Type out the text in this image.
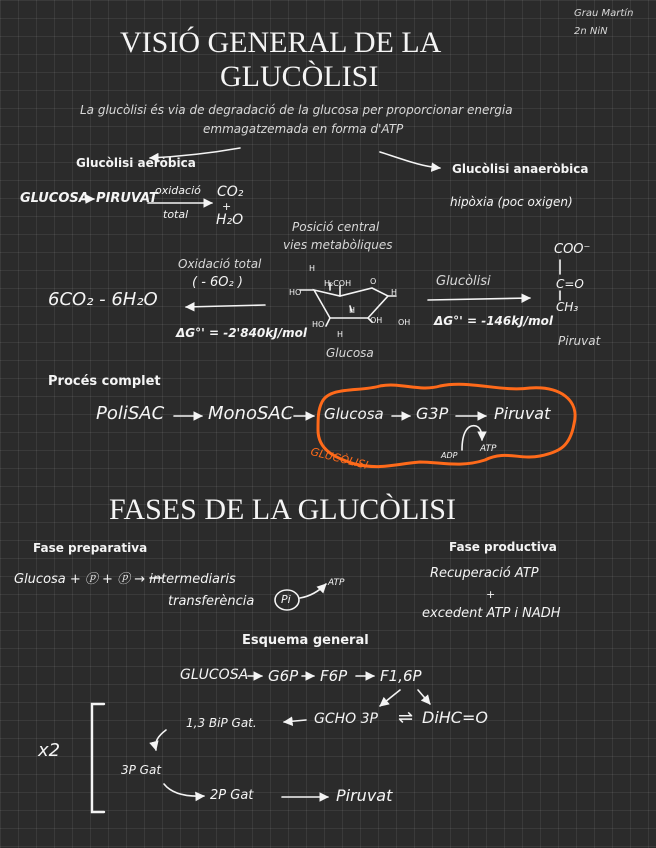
Grau Martín
2n NiN
VISIÓ GENERAL DE LA
GLUCÒLISI
La glucòlisi és via de degradació de la glucosa per proporcionar energia
emmagatzemada en forma d'ATP
Glucòlisi aeròbica	Glucòlisi anaeròbica
GLUCOSA PIRUVAT
oxidació
total
CO₂
+
H₂O
hipòxia (poc oxigen)
Posició central
vies metabòliques
Oxidació total
( - 6O₂ )
6CO₂ - 6H₂O
ΔG°' = -2'840kJ/mol
Glucòlisi
ΔG°' = -146kJ/mol
Glucosa
H
H₂COH O
HO	H
H
HO	OH OH
H
COO⁻
C=O
CH₃
Piruvat
Procés complet
PoliSAC MonoSAC Glucosa G3P	Piruvat
ADP
ATP
GLUCÒLISI
FASES DE LA GLUCÒLISI
Fase preparativa	Fase productiva
Glucosa + ⓟ + ⓟ → intermediaris
transferència Pi
ATP
Recuperació ATP
+
excedent ATP i NADH
Esquema general
GLUCOSA G6P F6P F1,6P
1,3 BiP Gat.	GCHO 3P ⇌ DiHC=O
3P Gat
2P Gat	Piruvat
x2
